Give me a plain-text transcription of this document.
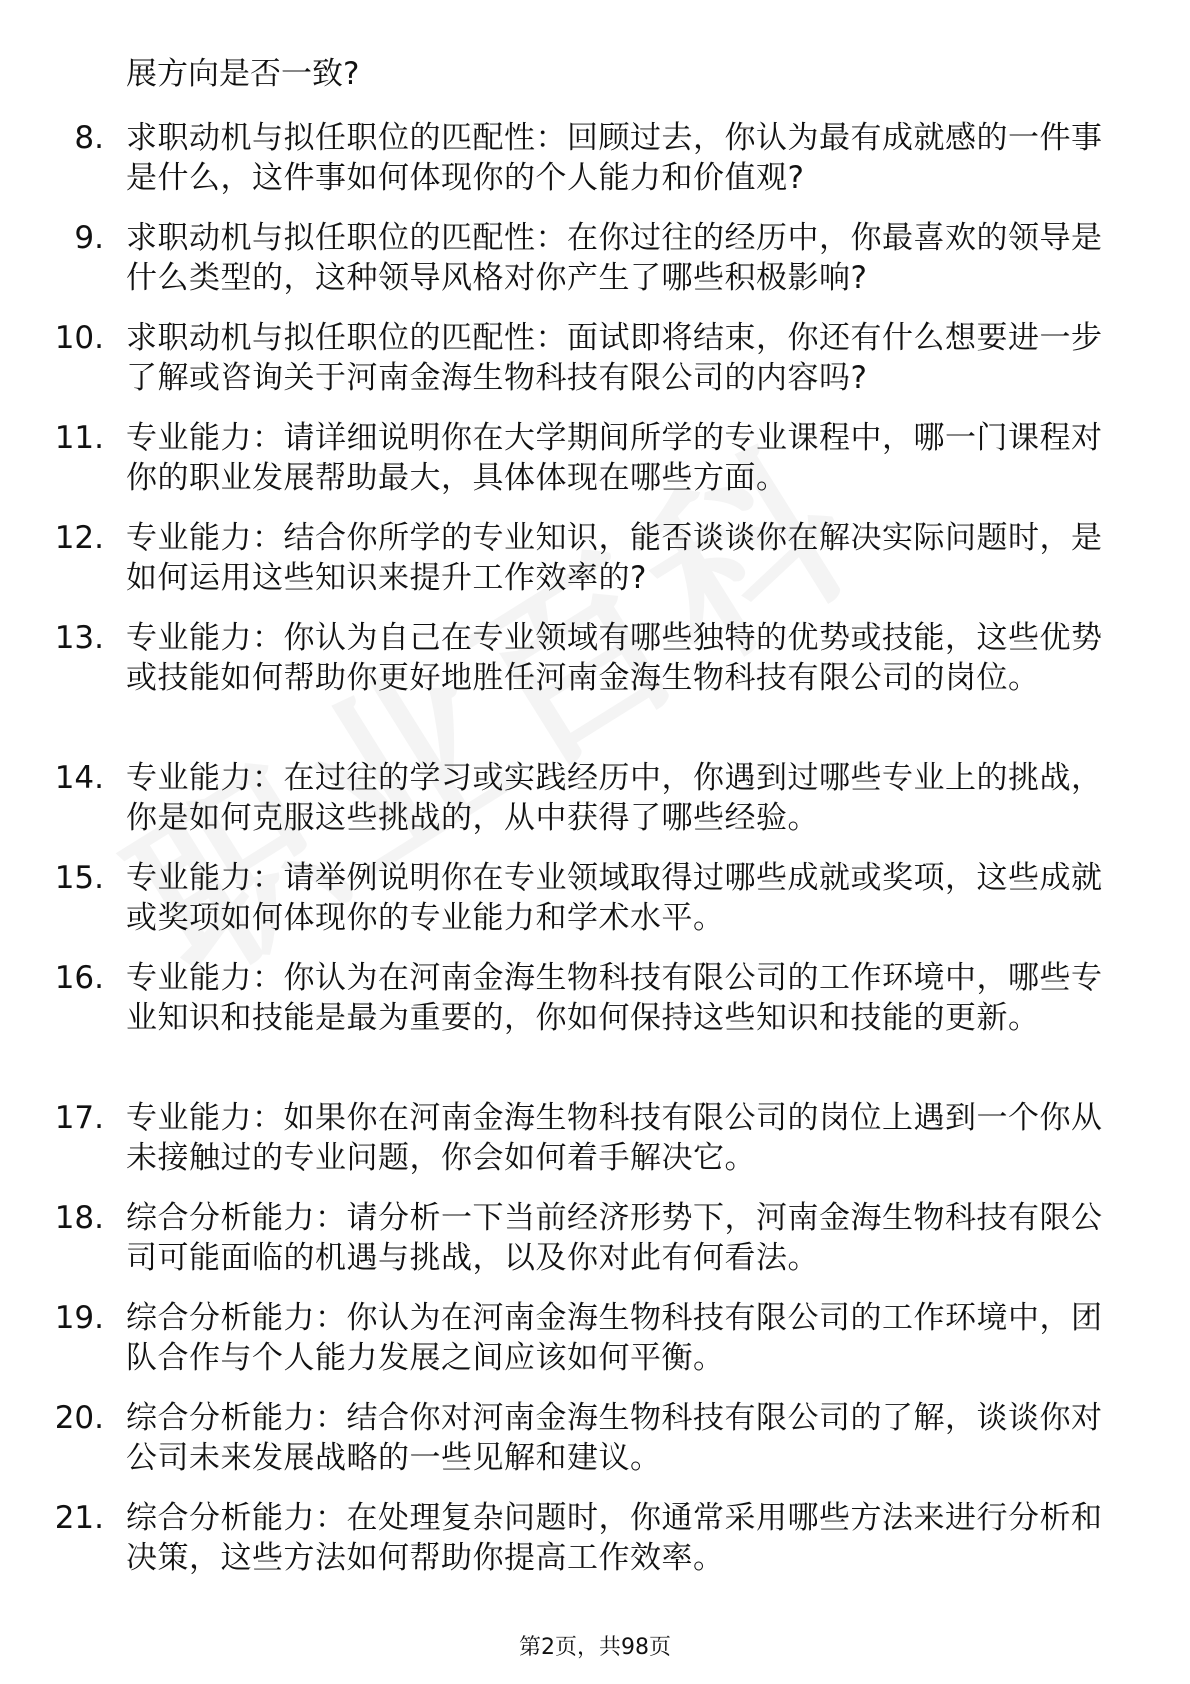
展方向是否一致?
8. 求职动机与拟任职位的匹配性：回顾过去，你认为最有成就感的一件事是什么，这件事如何体现你的个人能力和价值观?
9. 求职动机与拟任职位的匹配性：在你过往的经历中，你最喜欢的领导是什么类型的，这种领导风格对你产生了哪些积极影响?
10. 求职动机与拟任职位的匹配性：面试即将结束，你还有什么想要进一步了解或咨询关于河南金海生物科技有限公司的内容吗?
11. 专业能力：请详细说明你在大学期间所学的专业课程中，哪一门课程对你的职业发展帮助最大，具体体现在哪些方面。
12. 专业能力：结合你所学的专业知识，能否谈谈你在解决实际问题时，是如何运用这些知识来提升工作效率的?
13. 专业能力：你认为自己在专业领域有哪些独特的优势或技能，这些优势或技能如何帮助你更好地胜任河南金海生物科技有限公司的岗位。
14. 专业能力：在过往的学习或实践经历中，你遇到过哪些专业上的挑战，你是如何克服这些挑战的，从中获得了哪些经验。
15. 专业能力：请举例说明你在专业领域取得过哪些成就或奖项，这些成就或奖项如何体现你的专业能力和学术水平。
16. 专业能力：你认为在河南金海生物科技有限公司的工作环境中，哪些专业知识和技能是最为重要的，你如何保持这些知识和技能的更新。
17. 专业能力：如果你在河南金海生物科技有限公司的岗位上遇到一个你从未接触过的专业问题，你会如何着手解决它。
18. 综合分析能力：请分析一下当前经济形势下，河南金海生物科技有限公司可能面临的机遇与挑战，以及你对此有何看法。
19. 综合分析能力：你认为在河南金海生物科技有限公司的工作环境中，团队合作与个人能力发展之间应该如何平衡。
20. 综合分析能力：结合你对河南金海生物科技有限公司的了解，谈谈你对公司未来发展战略的一些见解和建议。
21. 综合分析能力：在处理复杂问题时，你通常采用哪些方法来进行分析和决策，这些方法如何帮助你提高工作效率。
第2页，共98页
